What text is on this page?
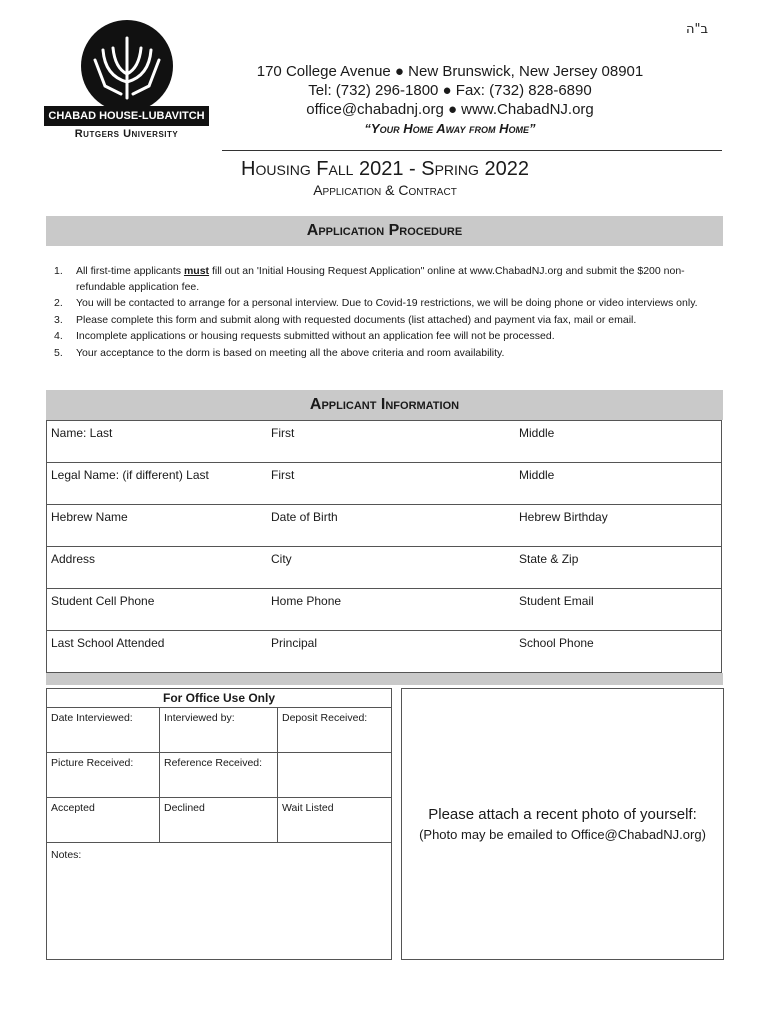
ב"ה
CHABAD HOUSE-LUBAVITCH
Rutgers University
170 College Avenue ● New Brunswick, New Jersey 08901
Tel: (732) 296-1800 ● Fax: (732) 828-6890
office@chabadnj.org ● www.ChabadNJ.org
“Your Home Away from Home”
Housing Fall 2021 - Spring 2022
Application & Contract
Application Procedure
1. All first-time applicants must fill out an 'Initial Housing Request Application" online at www.ChabadNJ.org and submit the $200 non-refundable application fee.
2. You will be contacted to arrange for a personal interview. Due to Covid-19 restrictions, we will be doing phone or video interviews only.
3. Please complete this form and submit along with requested documents (list attached) and payment via fax, mail or email.
4. Incomplete applications or housing requests submitted without an application fee will not be processed.
5. Your acceptance to the dorm is based on meeting all the above criteria and room availability.
Applicant Information
Name: Last	First	Middle
Legal Name: (if different) Last	First	Middle
Hebrew Name	Date of Birth	Hebrew Birthday
Address	City	State & Zip
Student Cell Phone	Home Phone	Student Email
Last School Attended	Principal	School Phone
For Office Use Only
Date Interviewed:	Interviewed by:	Deposit Received:
Picture Received:	Reference Received:
Accepted	Declined	Wait Listed
Notes:
Please attach a recent photo of yourself:
(Photo may be emailed to Office@ChabadNJ.org)
